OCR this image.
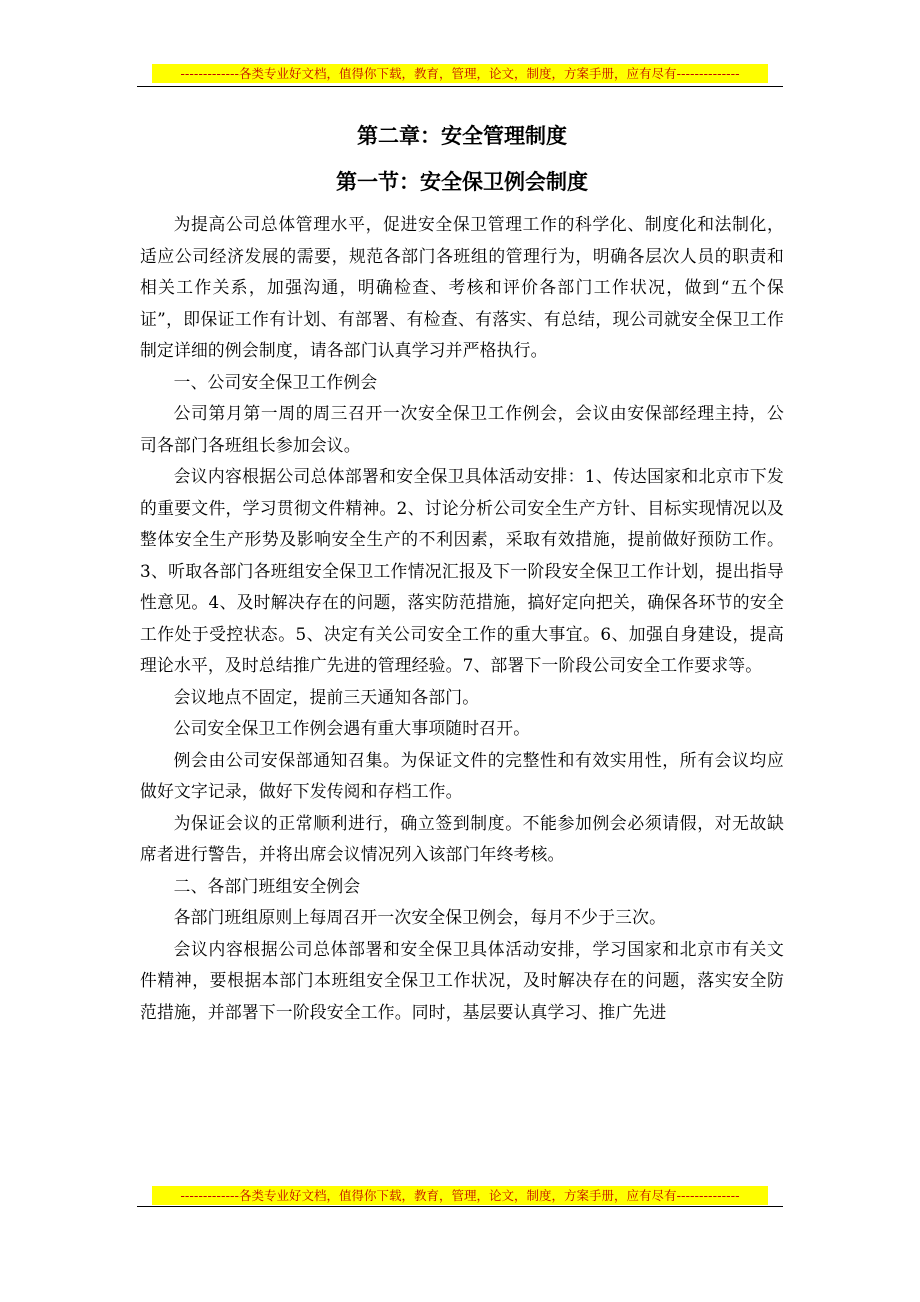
-------------各类专业好文档，值得你下载，教育，管理，论文，制度，方案手册，应有尽有--------------
第二章：安全管理制度
第一节：安全保卫例会制度

为提高公司总体管理水平，促进安全保卫管理工作的科学化、制度化和法制化，适应公司经济发展的需要，规范各部门各班组的管理行为，明确各层次人员的职责和相关工作关系，加强沟通，明确检查、考核和评价各部门工作状况，做到“五个保证”，即保证工作有计划、有部署、有检查、有落实、有总结，现公司就安全保卫工作制定详细的例会制度，请各部门认真学习并严格执行。

一、公司安全保卫工作例会

公司第月第一周的周三召开一次安全保卫工作例会，会议由安保部经理主持，公司各部门各班组长参加会议。

会议内容根据公司总体部署和安全保卫具体活动安排：1、传达国家和北京市下发的重要文件，学习贯彻文件精神。2、讨论分析公司安全生产方针、目标实现情况以及整体安全生产形势及影响安全生产的不利因素，采取有效措施，提前做好预防工作。3、听取各部门各班组安全保卫工作情况汇报及下一阶段安全保卫工作计划，提出指导性意见。4、及时解决存在的问题，落实防范措施，搞好定向把关，确保各环节的安全工作处于受控状态。5、决定有关公司安全工作的重大事宜。6、加强自身建设，提高理论水平，及时总结推广先进的管理经验。7、部署下一阶段公司安全工作要求等。

会议地点不固定，提前三天通知各部门。

公司安全保卫工作例会遇有重大事项随时召开。

例会由公司安保部通知召集。为保证文件的完整性和有效实用性，所有会议均应做好文字记录，做好下发传阅和存档工作。

为保证会议的正常顺利进行，确立签到制度。不能参加例会必须请假，对无故缺席者进行警告，并将出席会议情况列入该部门年终考核。

二、各部门班组安全例会

各部门班组原则上每周召开一次安全保卫例会，每月不少于三次。

会议内容根据公司总体部署和安全保卫具体活动安排，学习国家和北京市有关文件精神，要根据本部门本班组安全保卫工作状况，及时解决存在的问题，落实安全防范措施，并部署下一阶段安全工作。同时，基层要认真学习、推广先进

-------------各类专业好文档，值得你下载，教育，管理，论文，制度，方案手册，应有尽有--------------
